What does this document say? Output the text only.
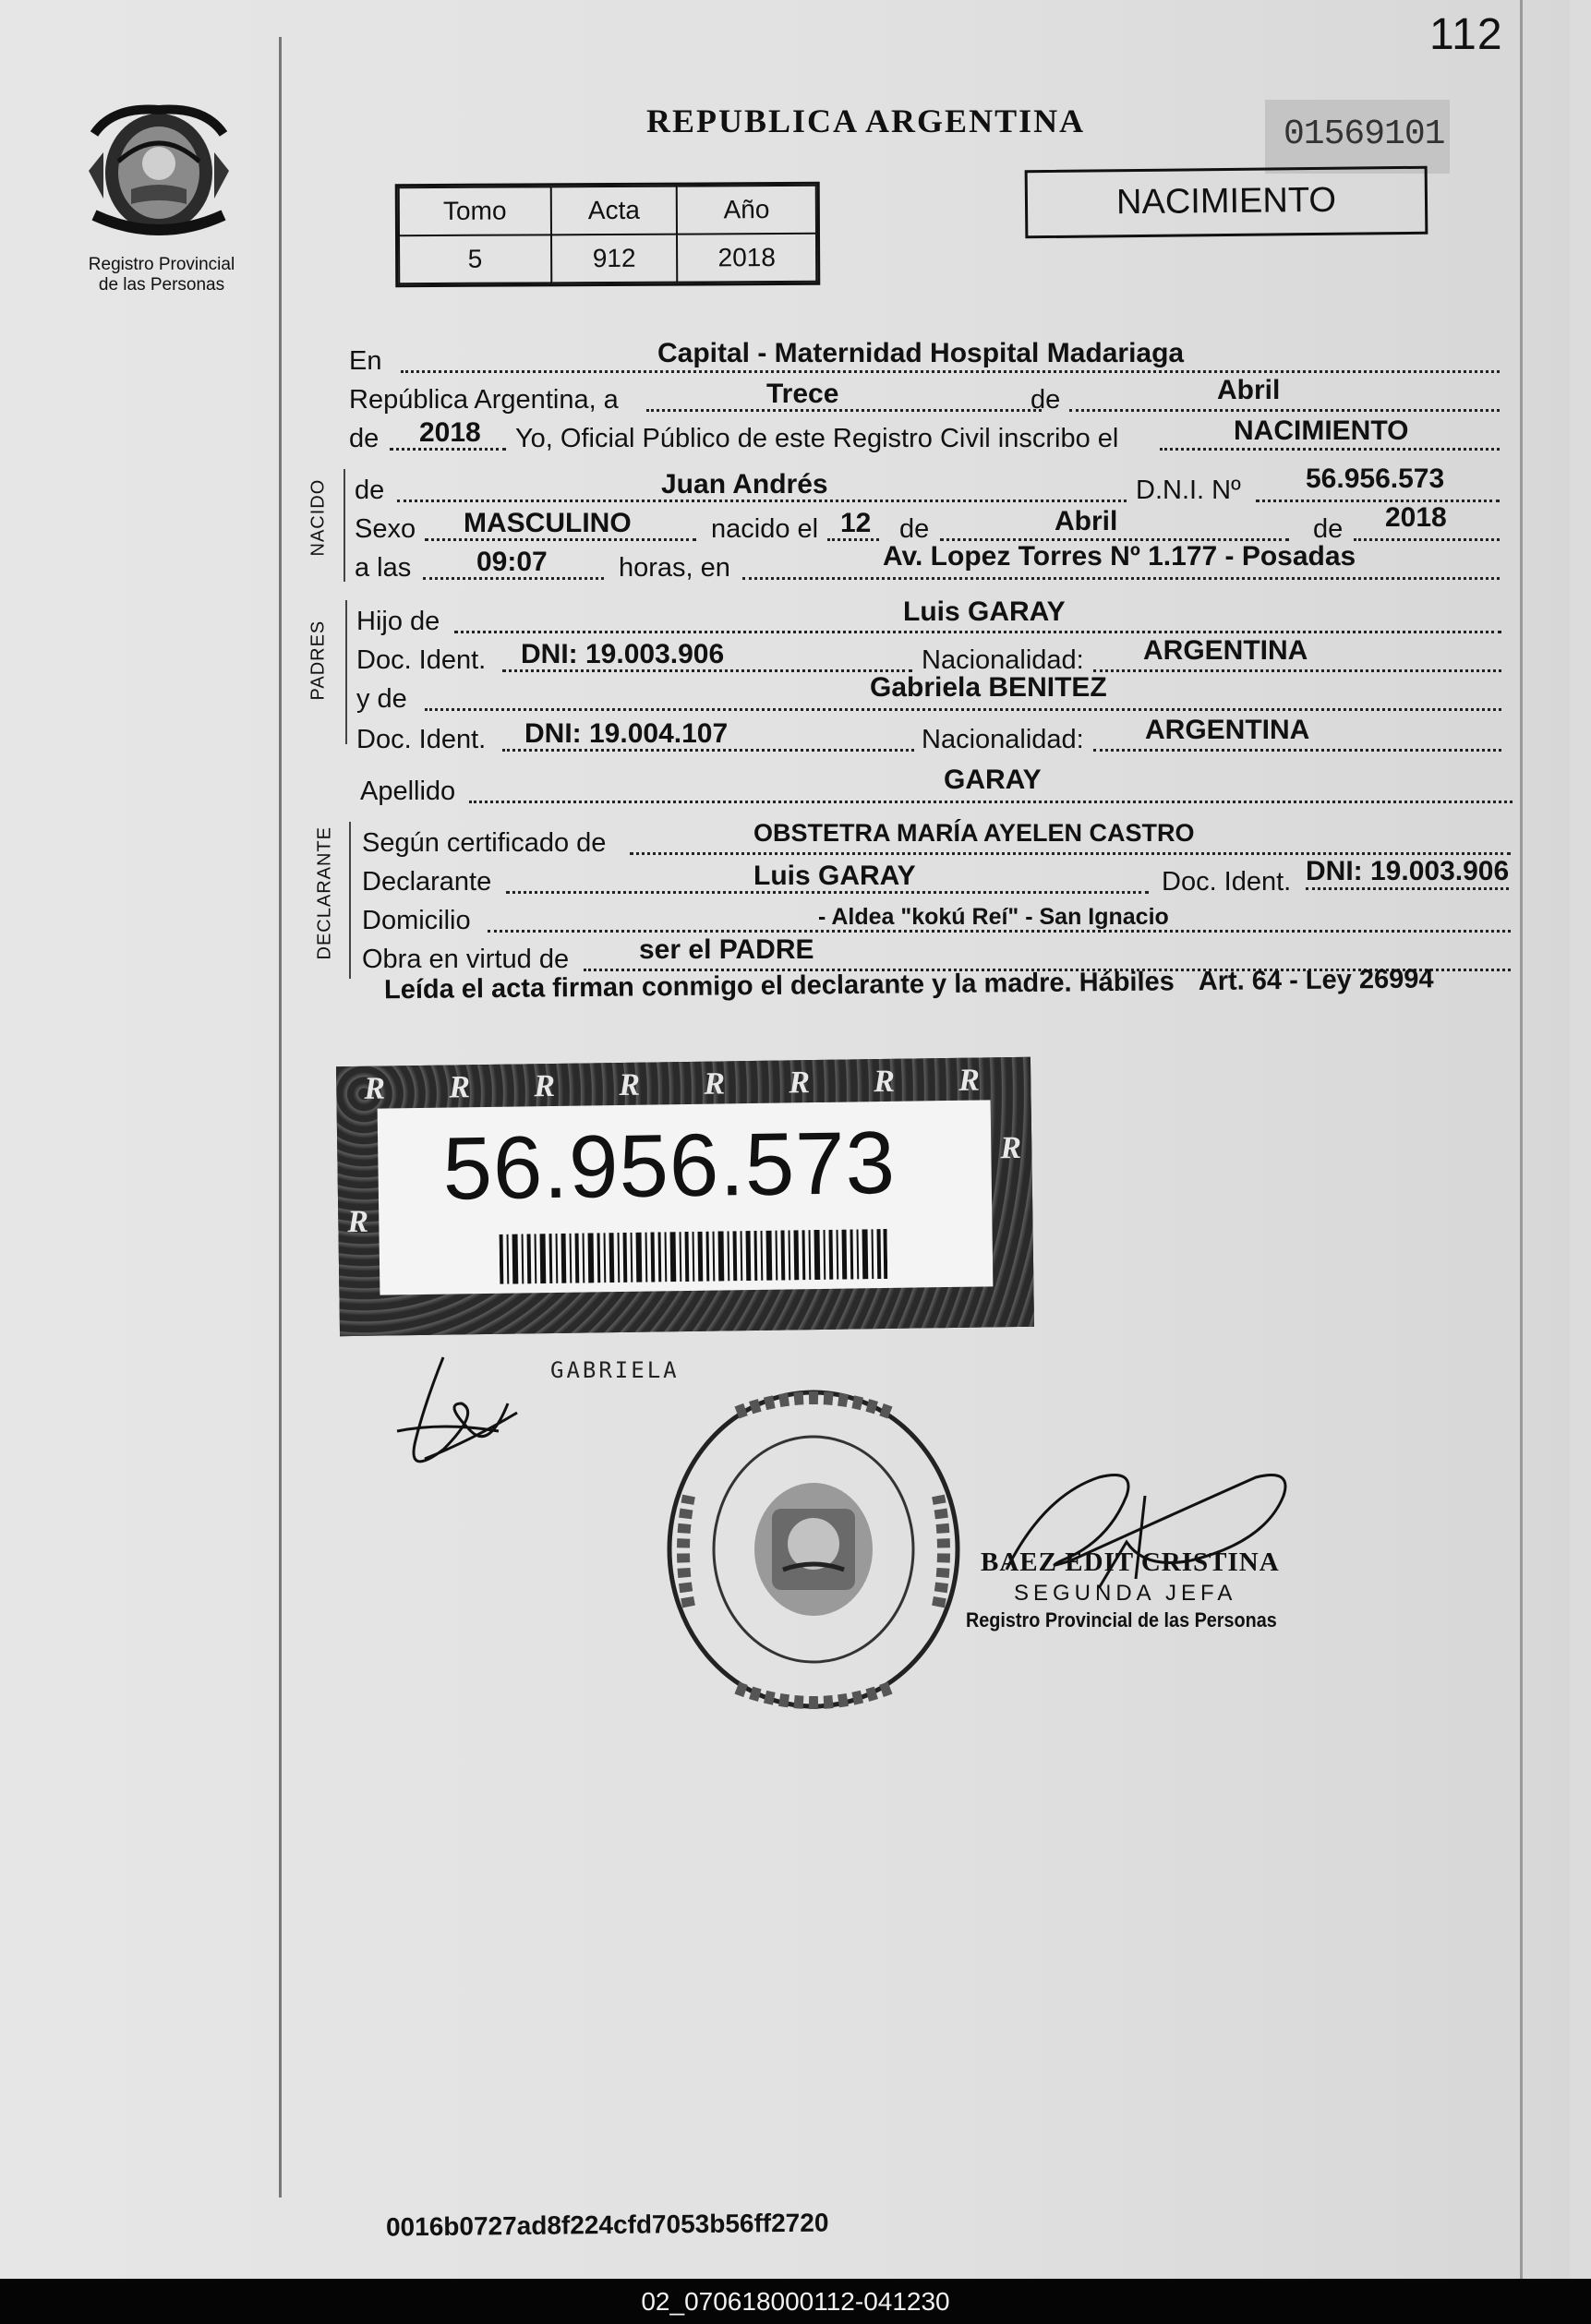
112
Registro Provincial
de las Personas
REPUBLICA ARGENTINA	01569101
Tomo	Acta	Año
5	912	2018
NACIMIENTO
En	Capital - Maternidad Hospital Madariaga
República Argentina, a	Trece	de	Abril
de 2018 Yo, Oficial Público de este Registro Civil inscribo el	NACIMIENTO
NACIDO de	Juan Andrés	D.N.I. Nº 56.956.573
Sexo MASCULINO	nacido el 12 de	Abril	de 2018
a las 09:07	horas, en	Av. Lopez Torres Nº 1.177 - Posadas
PADRES Hijo de	Luis GARAY
Doc. Ident. DNI: 19.003.906	Nacionalidad: ARGENTINA
y de	Gabriela BENITEZ
Doc. Ident. DNI: 19.004.107	Nacionalidad: ARGENTINA
Apellido	GARAY
DECLARANTE Según certificado de	OBSTETRA MARÍA AYELEN CASTRO
Declarante	Luis GARAY	Doc. Ident. DNI: 19.003.906
Domicilio	- Aldea "kokú Reí" - San Ignacio
Obra en virtud de	ser el PADRE
Leída el acta firman conmigo el declarante y la madre. Hábiles Art. 64 - Ley 26994
R R R R R R R R
R
R
56.956.573
GABRIELA
BAEZ EDIT CRISTINA
SEGUNDA JEFA
Registro Provincial de las Personas
0016b0727ad8f224cfd7053b56ff2720
02_070618000112-041230
